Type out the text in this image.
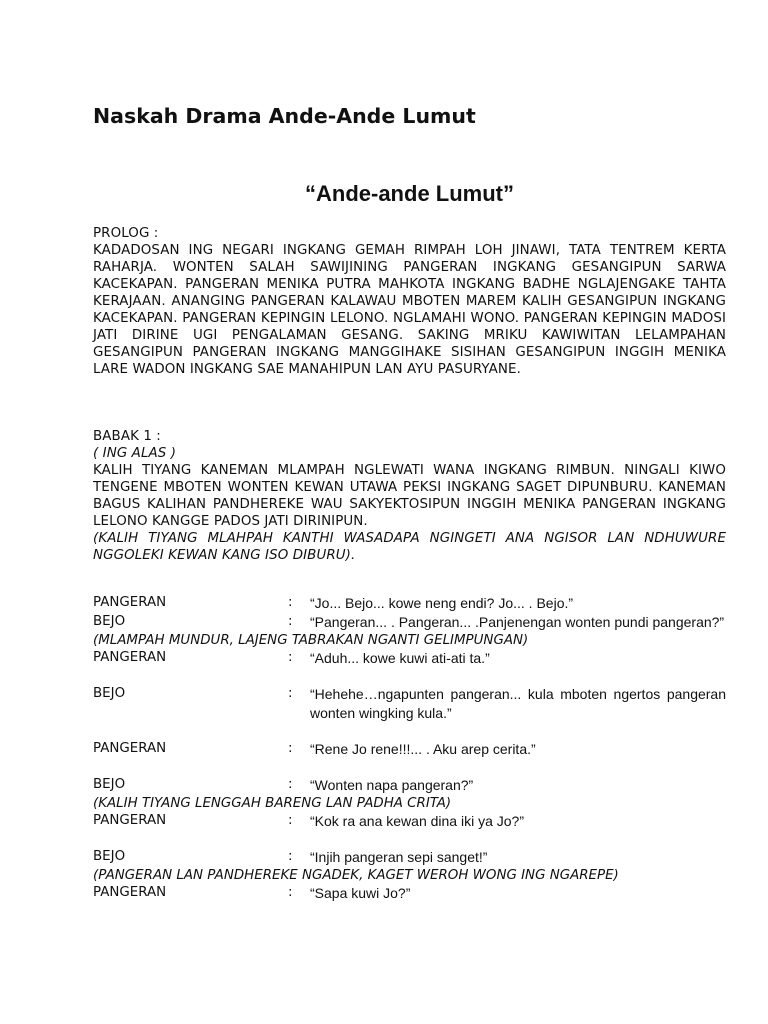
Naskah Drama Ande-Ande Lumut
“Ande-ande Lumut”

PROLOG :

KADADOSAN ING NEGARI INGKANG GEMAH RIMPAH LOH JINAWI, TATA TENTREM KERTA RAHARJA. WONTEN SALAH SAWIJINING PANGERAN INGKANG GESANGIPUN SARWA KACEKAPAN. PANGERAN MENIKA PUTRA MAHKOTA INGKANG BADHE NGLAJENGAKE TAHTA KERAJAAN. ANANGING PANGERAN KALAWAU MBOTEN MAREM KALIH GESANGIPUN INGKANG KACEKAPAN. PANGERAN KEPINGIN LELONO. NGLAMAHI WONO. PANGERAN KEPINGIN MADOSI JATI DIRINE UGI PENGALAMAN GESANG. SAKING MRIKU KAWIWITAN LELAMPAHAN GESANGIPUN PANGERAN INGKANG MANGGIHAKE SISIHAN GESANGIPUN INGGIH MENIKA LARE WADON INGKANG SAE MANAHIPUN LAN AYU PASURYANE.

BABAK 1 :

( ING ALAS )

KALIH TIYANG KANEMAN MLAMPAH NGLEWATI WANA INGKANG RIMBUN. NINGALI KIWO TENGENE MBOTEN WONTEN KEWAN UTAWA PEKSI INGKANG SAGET DIPUNBURU. KANEMAN BAGUS KALIHAN PANDHEREKE WAU SAKYEKTOSIPUN INGGIH MENIKA PANGERAN INGKANG LELONO KANGGE PADOS JATI DIRINIPUN.

(KALIH TIYANG MLAHPAH KANTHI WASADAPA NGINGETI ANA NGISOR LAN NDHUWURE NGGOLEKI KEWAN KANG ISO DIBURU).

PANGERAN	:	“Jo... Bejo... kowe neng endi? Jo... . Bejo.”
BEJO	:	“Pangeran... . Pangeran... .Panjenengan wonten pundi pangeran?”

(MLAMPAH MUNDUR, LAJENG TABRAKAN NGANTI GELIMPUNGAN)

PANGERAN	:	“Aduh... kowe kuwi ati-ati ta.”
BEJO	:	“Hehehe…ngapunten pangeran... kula mboten ngertos pangeran wonten wingking kula.”
PANGERAN	:	“Rene Jo rene!!!... . Aku arep cerita.”
BEJO	:	“Wonten napa pangeran?”

(KALIH TIYANG LENGGAH BARENG LAN PADHA CRITA)

PANGERAN	:	“Kok ra ana kewan dina iki ya Jo?”
BEJO	:	“Injih pangeran sepi sanget!”

(PANGERAN LAN PANDHEREKE NGADEK, KAGET WEROH WONG ING NGAREPE)

PANGERAN	:	“Sapa kuwi Jo?”
